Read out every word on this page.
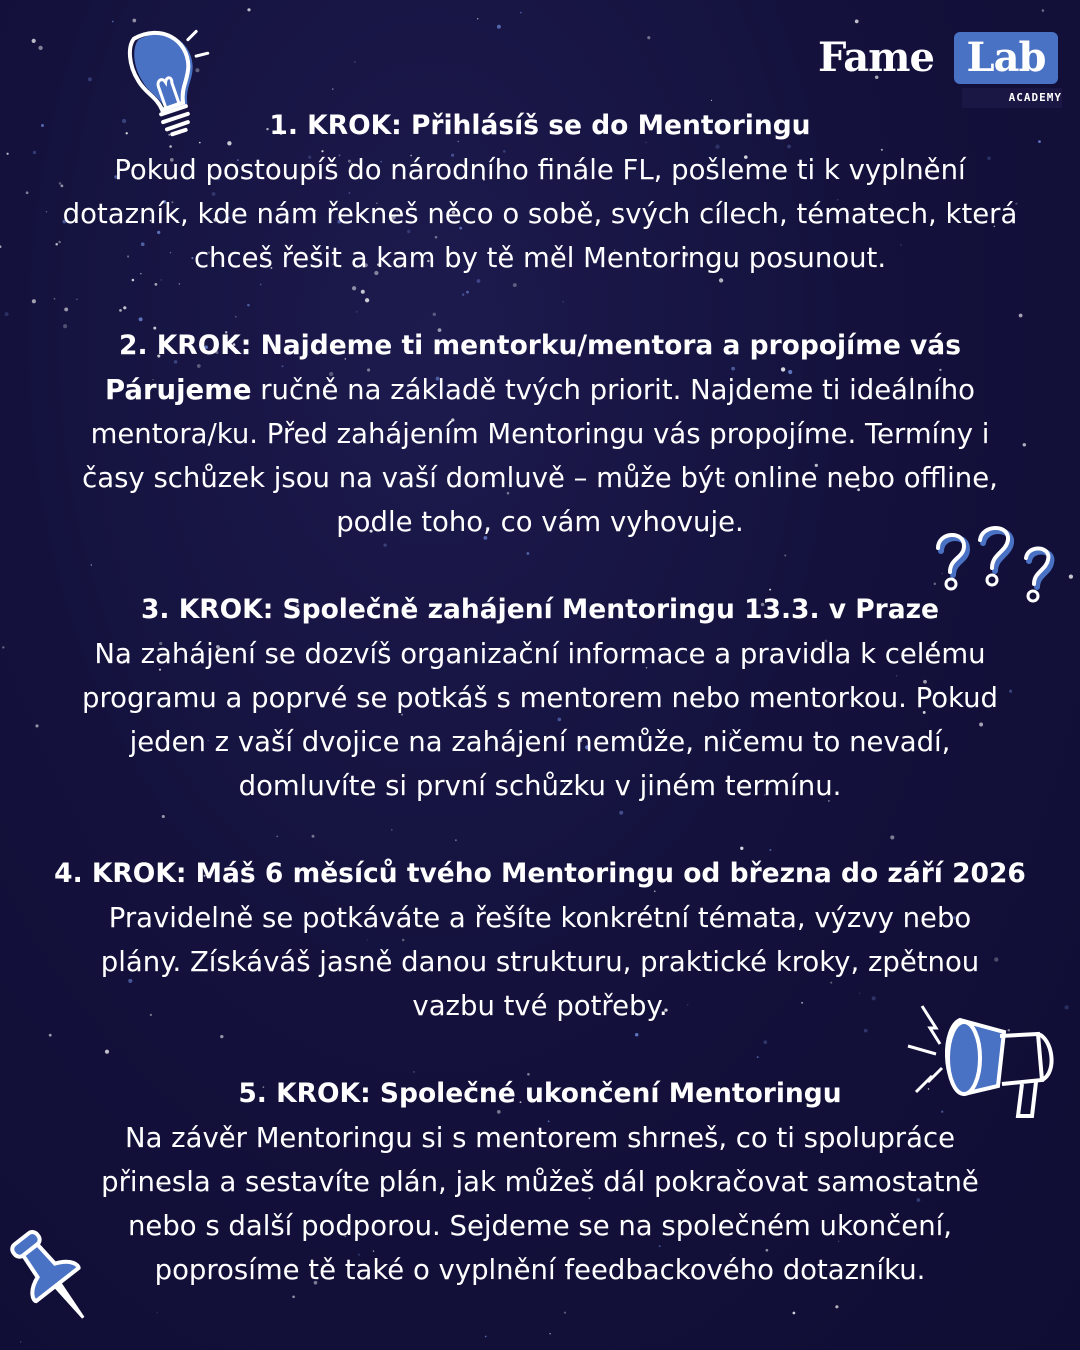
Fame Lab
ACADEMY

1. KROK: Přihlásíš se do Mentoringu

Pokud postoupíš do národního finále FL, pošleme ti k vyplnění
dotazník, kde nám řekneš něco o sobě, svých cílech, tématech, která
chceš řešit a kam by tě měl Mentoringu posunout.

2. KROK: Najdeme ti mentorku/mentora a propojíme vás

Párujeme ručně na základě tvých priorit. Najdeme ti ideálního
mentora/ku. Před zahájením Mentoringu vás propojíme. Termíny i
časy schůzek jsou na vaší domluvě – může být online nebo offline,
podle toho, co vám vyhovuje.

3. KROK: Společně zahájení Mentoringu 13.3. v Praze

Na zahájení se dozvíš organizační informace a pravidla k celému
programu a poprvé se potkáš s mentorem nebo mentorkou. Pokud
jeden z vaší dvojice na zahájení nemůže, ničemu to nevadí,
domluvíte si první schůzku v jiném termínu.

4. KROK: Máš 6 měsíců tvého Mentoringu od března do září 2026

Pravidelně se potkáváte a řešíte konkrétní témata, výzvy nebo
plány. Získáváš jasně danou strukturu, praktické kroky, zpětnou
vazbu tvé potřeby.

5. KROK: Společné ukončení Mentoringu

Na závěr Mentoringu si s mentorem shrneš, co ti spolupráce
přinesla a sestavíte plán, jak můžeš dál pokračovat samostatně
nebo s další podporou. Sejdeme se na společném ukončení,
poprosíme tě také o vyplnění feedbackového dotazníku.
